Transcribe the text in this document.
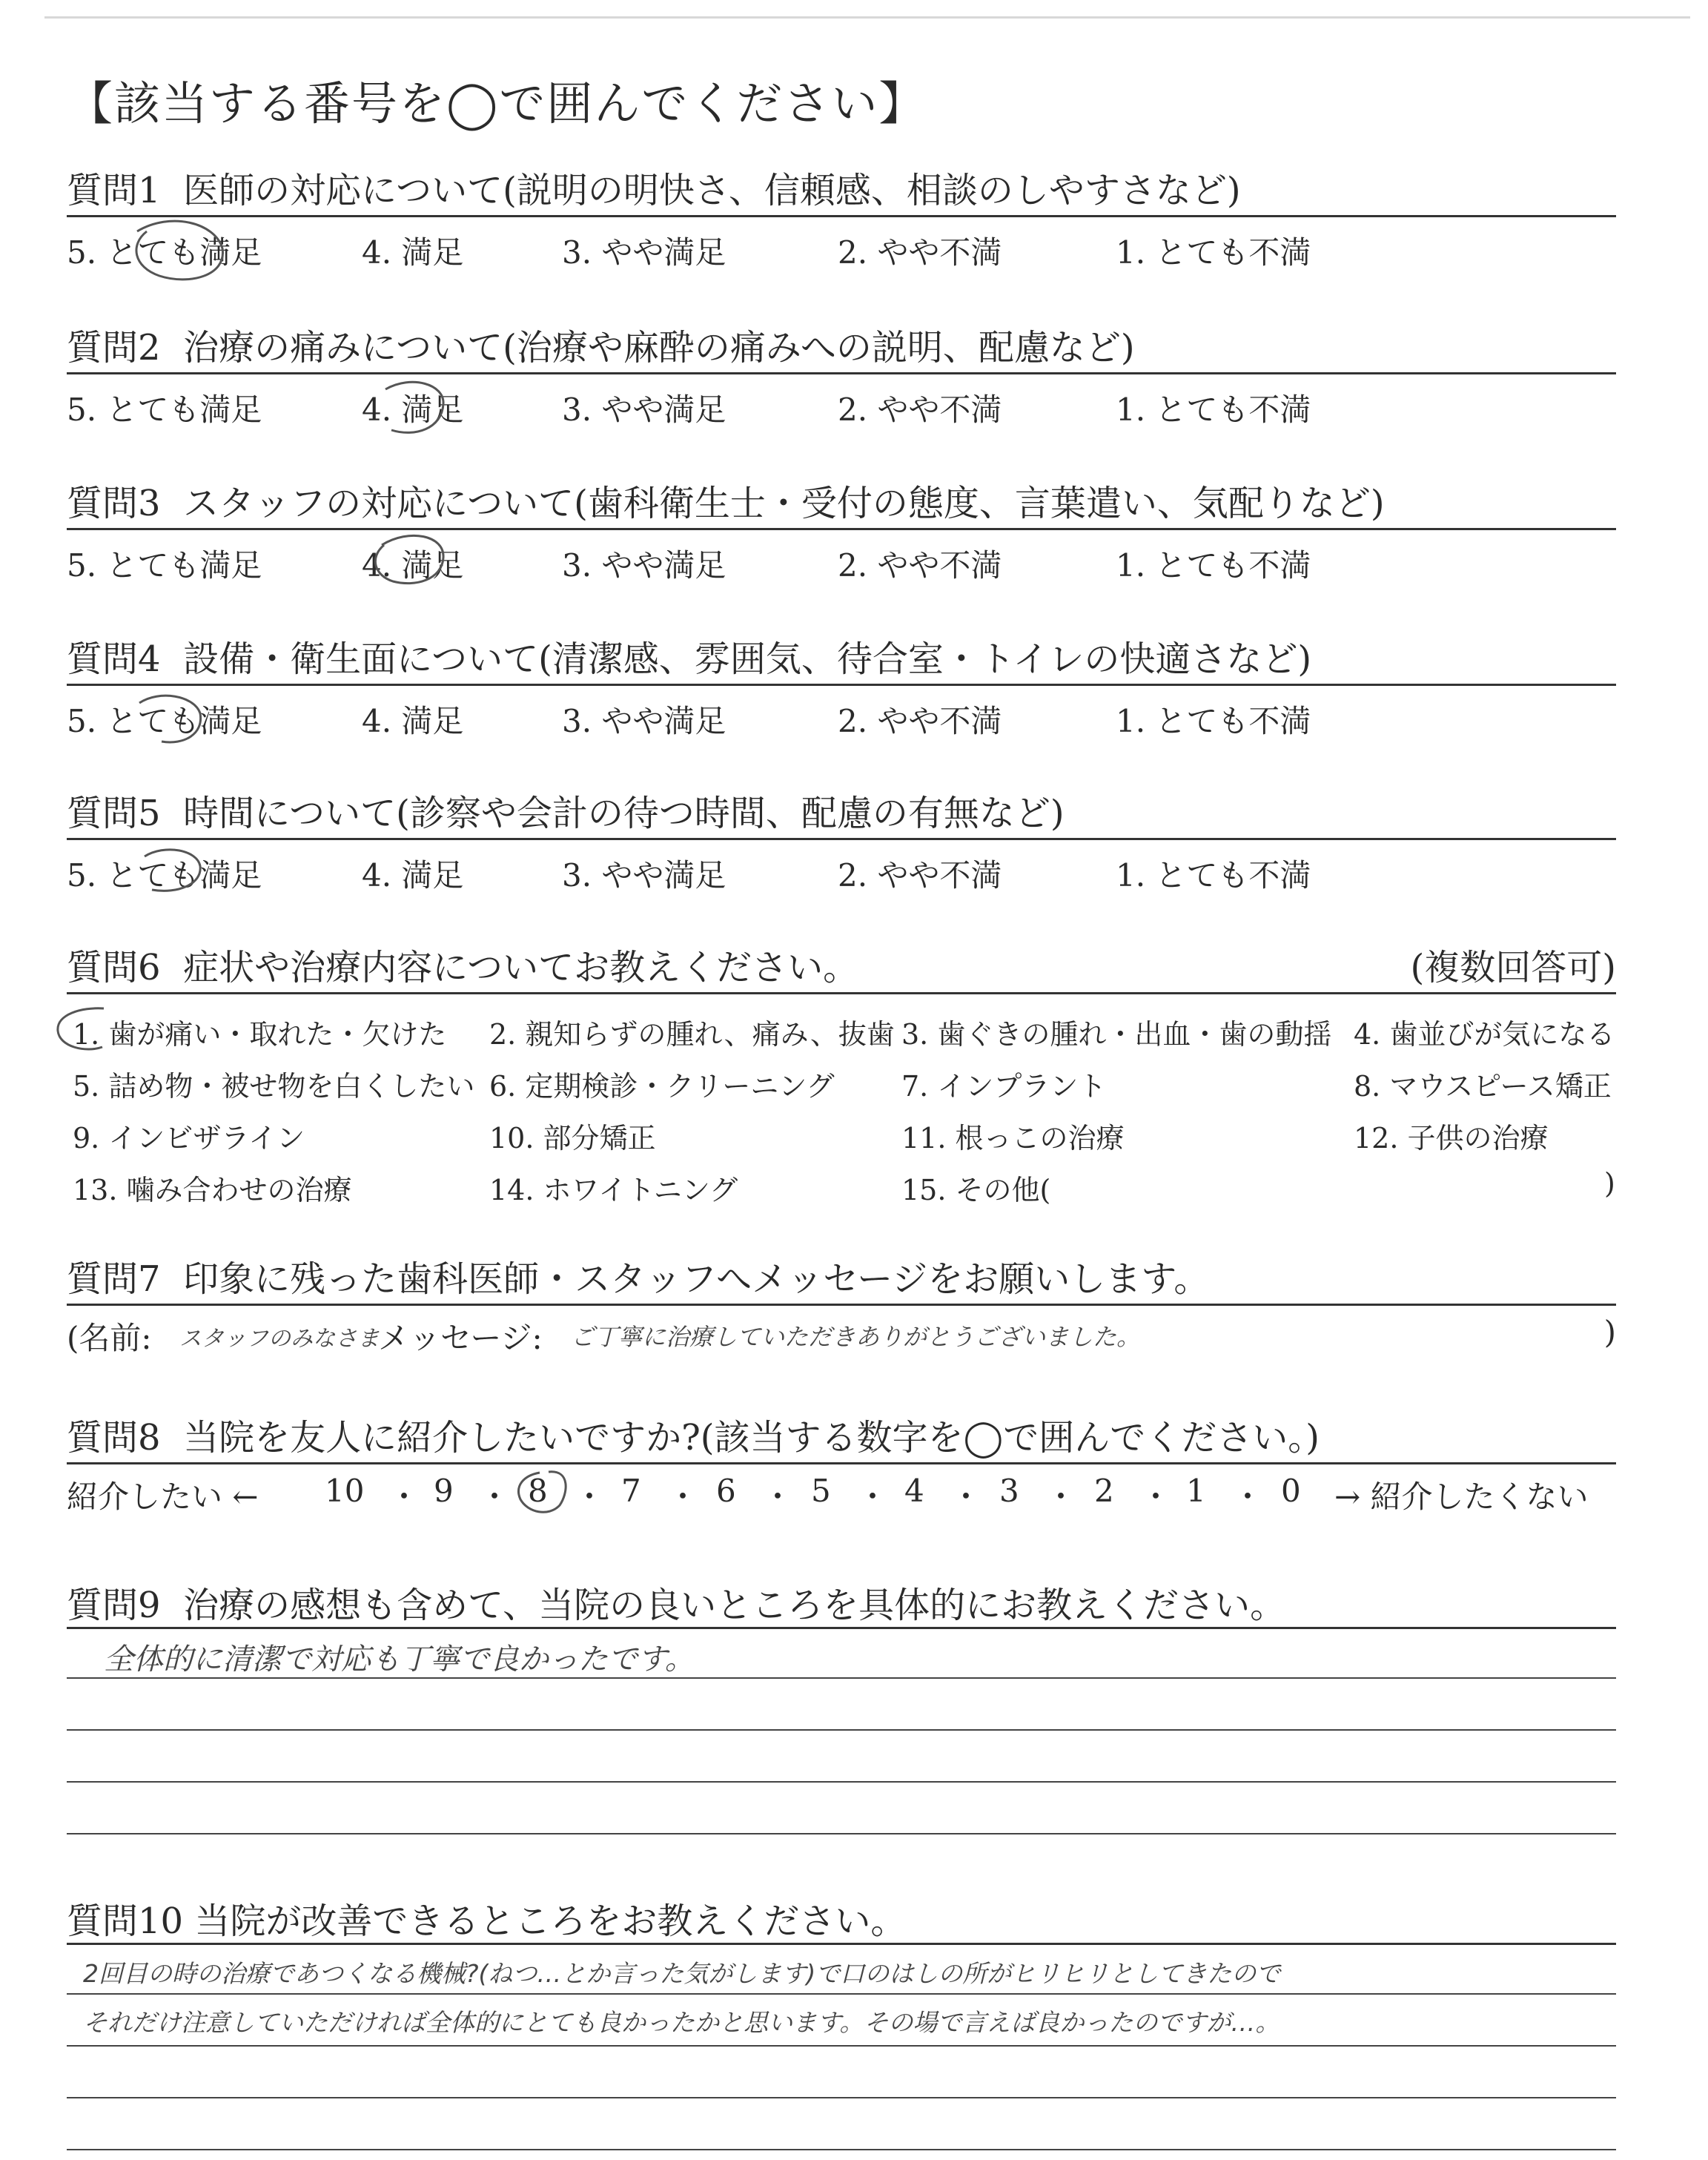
【該当する番号を◯で囲んでください】
質問1 医師の対応について(説明の明快さ、信頼感、相談のしやすさなど)
5. とても満足	4. 満足	3. やや満足	2. やや不満	1. とても不満
質問2 治療の痛みについて(治療や麻酔の痛みへの説明、配慮など)
5. とても満足	4. 満足	3. やや満足	2. やや不満	1. とても不満
質問3 スタッフの対応について(歯科衛生士・受付の態度、言葉遣い、気配りなど)
5. とても満足	4. 満足	3. やや満足	2. やや不満	1. とても不満
質問4 設備・衛生面について(清潔感、雰囲気、待合室・トイレの快適さなど)
5. とても満足	4. 満足	3. やや満足	2. やや不満	1. とても不満
質問5 時間について(診察や会計の待つ時間、配慮の有無など)
5. とても満足	4. 満足	3. やや満足	2. やや不満	1. とても不満
質問6 症状や治療内容についてお教えください。	(複数回答可)
1. 歯が痛い・取れた・欠けた 2. 親知らずの腫れ、痛み、抜歯 3. 歯ぐきの腫れ・出血・歯の動揺 4. 歯並びが気になる
5. 詰め物・被せ物を白くしたい 6. 定期検診・クリーニング 7. インプラント	8. マウスピース矯正
9. インビザライン	10. 部分矯正	11. 根っこの治療	12. 子供の治療
13. 噛み合わせの治療	14. ホワイトニング	15. その他(	)
質問7 印象に残った歯科医師・スタッフへメッセージをお願いします。
(名前: スタッフのみなさま
メッセージ: ご丁寧に治療していただきありがとうございました。	)
質問8 当院を友人に紹介したいですか?(該当する数字を◯で囲んでください。)
紹介したい ← 10 ・ 9 ・ 8 ・ 7 ・ 6 ・ 5 ・ 4 ・ 3 ・ 2 ・ 1 ・ 0 → 紹介したくない
質問9 治療の感想も含めて、当院の良いところを具体的にお教えください。
全体的に清潔で対応も丁寧で良かったです。
質問10 当院が改善できるところをお教えください。
2回目の時の治療であつくなる機械?(ねつ…とか言った気がします)で口のはしの所がヒリヒリとしてきたので
それだけ注意していただければ全体的にとても良かったかと思います。その場で言えば良かったのですが…。
